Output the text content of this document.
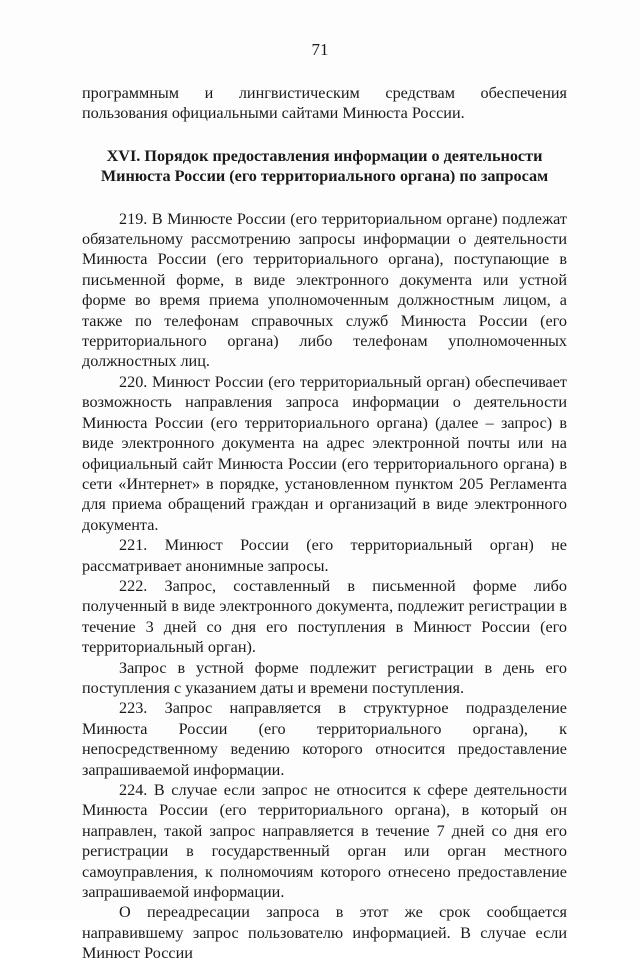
71

программным и лингвистическим средствам обеспечения пользования официальными сайтами Минюста России.

XVI. Порядок предоставления информации о деятельности
Минюста России (его территориального органа) по запросам

219. В Минюсте России (его территориальном органе) подлежат обязательному рассмотрению запросы информации о деятельности Минюста России (его территориального органа), поступающие в письменной форме, в виде электронного документа или устной форме во время приема уполномоченным должностным лицом, а также по телефонам справочных служб Минюста России (его территориального органа) либо телефонам уполномоченных должностных лиц.

220. Минюст России (его территориальный орган) обеспечивает возможность направления запроса информации о деятельности Минюста России (его территориального органа) (далее – запрос) в виде электронного документа на адрес электронной почты или на официальный сайт Минюста России (его территориального органа) в сети «Интернет» в порядке, установленном пунктом 205 Регламента для приема обращений граждан и организаций в виде электронного документа.

221. Минюст России (его территориальный орган) не рассматривает анонимные запросы.

222. Запрос, составленный в письменной форме либо полученный в виде электронного документа, подлежит регистрации в течение 3 дней со дня его поступления в Минюст России (его территориальный орган).

Запрос в устной форме подлежит регистрации в день его поступления с указанием даты и времени поступления.

223. Запрос направляется в структурное подразделение Минюста России (его территориального органа), к непосредственному ведению которого относится предоставление запрашиваемой информации.

224. В случае если запрос не относится к сфере деятельности Минюста России (его территориального органа), в который он направлен, такой запрос направляется в течение 7 дней со дня его регистрации в государственный орган или орган местного самоуправления, к полномочиям которого отнесено предоставление запрашиваемой информации.

О переадресации запроса в этот же срок сообщается направившему запрос пользователю информацией. В случае если Минюст России
